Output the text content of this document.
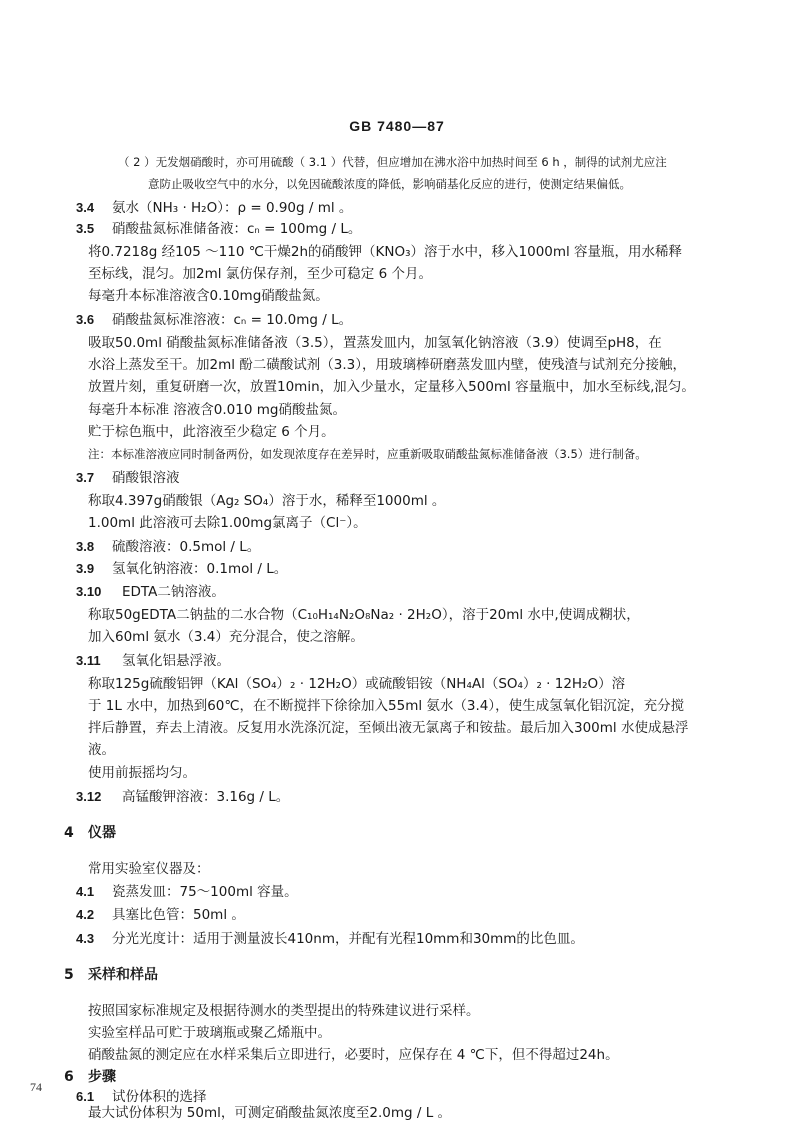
GB 7480—87
（ 2 ）无发烟硝酸时，亦可用硫酸（ 3.1 ）代替，但应增加在沸水浴中加热时间至 6 h ，制得的试剂尤应注
意防止吸收空气中的水分，以免因硫酸浓度的降低，影响硝基化反应的进行，使测定结果偏低。
3.4 氨水（NH₃ · H₂O）：ρ = 0.90g / ml 。
3.5 硝酸盐氮标准储备液：cₙ = 100mg / L。
将0.7218g 经105 ～110 ℃干燥2h的硝酸钾（KNO₃）溶于水中，移入1000ml 容量瓶，用水稀释
至标线，混匀。加2ml 氯仿保存剂，至少可稳定 6 个月。
每毫升本标准溶液含0.10mg硝酸盐氮。
3.6 硝酸盐氮标准溶液：cₙ = 10.0mg / L。
吸取50.0ml 硝酸盐氮标准储备液（3.5），置蒸发皿内，加氢氧化钠溶液（3.9）使调至pH8，在
水浴上蒸发至干。加2ml 酚二磺酸试剂（3.3），用玻璃棒研磨蒸发皿内壁，使残渣与试剂充分接触，
放置片刻，重复研磨一次，放置10min，加入少量水，定量移入500ml 容量瓶中，加水至标线,混匀。
每毫升本标准 溶液含0.010 mg硝酸盐氮。
贮于棕色瓶中，此溶液至少稳定 6 个月。
注：本标准溶液应同时制备两份，如发现浓度存在差异时，应重新吸取硝酸盐氮标准储备液（3.5）进行制备。
3.7 硝酸银溶液
称取4.397g硝酸银（Ag₂ SO₄）溶于水，稀释至1000ml 。
1.00ml 此溶液可去除1.00mg氯离子（Cl⁻）。
3.8 硫酸溶液：0.5mol / L。
3.9 氢氧化钠溶液：0.1mol / L。
3.10 EDTA二钠溶液。
称取50gEDTA二钠盐的二水合物（C₁₀H₁₄N₂O₈Na₂ · 2H₂O），溶于20ml 水中,使调成糊状，
加入60ml 氨水（3.4）充分混合，使之溶解。
3.11 氢氧化铝悬浮液。
称取125g硫酸铝钾（KAl（SO₄）₂ · 12H₂O）或硫酸铝铵（NH₄Al（SO₄）₂ · 12H₂O）溶
于 1L 水中，加热到60℃，在不断搅拌下徐徐加入55ml 氨水（3.4），使生成氢氧化铝沉淀，充分搅
拌后静置，弃去上清液。反复用水洗涤沉淀，至倾出液无氯离子和铵盐。最后加入300ml 水使成悬浮
液。
使用前振摇均匀。
3.12 高锰酸钾溶液：3.16g / L。
4 仪器
常用实验室仪器及：
4.1 瓷蒸发皿：75～100ml 容量。
4.2 具塞比色管：50ml 。
4.3 分光光度计：适用于测量波长410nm，并配有光程10mm和30mm的比色皿。
5 采样和样品
按照国家标准规定及根据待测水的类型提出的特殊建议进行采样。
实验室样品可贮于玻璃瓶或聚乙烯瓶中。
硝酸盐氮的测定应在水样采集后立即进行，必要时，应保存在 4 ℃下，但不得超过24h。
6 步骤
6.1 试份体积的选择
最大试份体积为 50ml，可测定硝酸盐氮浓度至2.0mg / L 。
74
